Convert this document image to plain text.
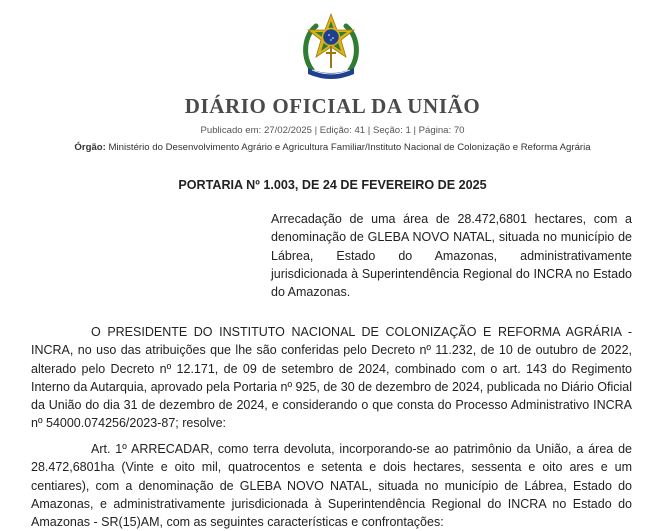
DIÁRIO OFICIAL DA UNIÃO
Publicado em: 27/02/2025 | Edição: 41 | Seção: 1 | Página: 70
Órgão: Ministério do Desenvolvimento Agrário e Agricultura Familiar/Instituto Nacional de Colonização e Reforma Agrária
PORTARIA Nº 1.003, DE 24 DE FEVEREIRO DE 2025
Arrecadação de uma área de 28.472,6801 hectares, com a denominação de GLEBA NOVO NATAL, situada no município de Lábrea, Estado do Amazonas, administrativamente jurisdicionada à Superintendência Regional do INCRA no Estado do Amazonas.

O PRESIDENTE DO INSTITUTO NACIONAL DE COLONIZAÇÃO E REFORMA AGRÁRIA - INCRA, no uso das atribuições que lhe são conferidas pelo Decreto nº 11.232, de 10 de outubro de 2022, alterado pelo Decreto nº 12.171, de 09 de setembro de 2024, combinado com o art. 143 do Regimento Interno da Autarquia, aprovado pela Portaria nº 925, de 30 de dezembro de 2024, publicada no Diário Oficial da União do dia 31 de dezembro de 2024, e considerando o que consta do Processo Administrativo INCRA nº 54000.074256/2023-87; resolve:

Art. 1º ARRECADAR, como terra devoluta, incorporando-se ao patrimônio da União, a área de 28.472,6801ha (Vinte e oito mil, quatrocentos e setenta e dois hectares, sessenta e oito ares e um centiares), com a denominação de GLEBA NOVO NATAL, situada no município de Lábrea, Estado do Amazonas, e administrativamente jurisdicionada à Superintendência Regional do INCRA no Estado do Amazonas - SR(15)AM, com as seguintes características e confrontações:
